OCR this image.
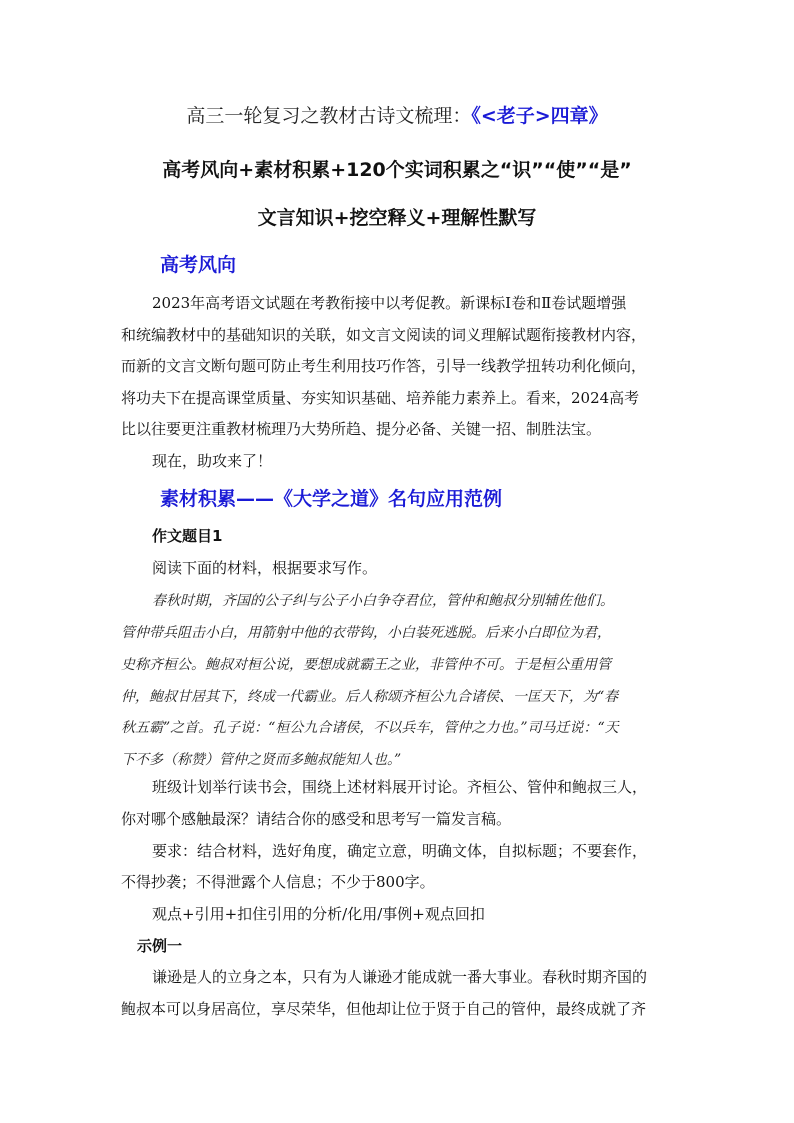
高三一轮复习之教材古诗文梳理：《<老子>四章》
高考风向+素材积累+120个实词积累之“识”“使”“是”
文言知识+挖空释义+理解性默写
高考风向
2023年高考语文试题在考教衔接中以考促教。新课标Ⅰ卷和Ⅱ卷试题增强
和统编教材中的基础知识的关联，如文言文阅读的词义理解试题衔接教材内容，
而新的文言文断句题可防止考生利用技巧作答，引导一线教学扭转功利化倾向，
将功夫下在提高课堂质量、夯实知识基础、培养能力素养上。看来，2024高考
比以往要更注重教材梳理乃大势所趋、提分必备、关键一招、制胜法宝。
现在，助攻来了！
素材积累——《大学之道》名句应用范例
作文题目1
阅读下面的材料，根据要求写作。
春秋时期，齐国的公子纠与公子小白争夺君位，管仲和鲍叔分别辅佐他们。
管仲带兵阻击小白，用箭射中他的衣带钩，小白装死逃脱。后来小白即位为君，
史称齐桓公。鲍叔对桓公说，要想成就霸王之业，非管仲不可。于是桓公重用管
仲，鲍叔甘居其下，终成一代霸业。后人称颂齐桓公九合诸侯、一匡天下，为“春
秋五霸”之首。孔子说：“桓公九合诸侯，不以兵车，管仲之力也。”司马迁说：“天
下不多（称赞）管仲之贤而多鲍叔能知人也。”
班级计划举行读书会，围绕上述材料展开讨论。齐桓公、管仲和鲍叔三人，
你对哪个感触最深？请结合你的感受和思考写一篇发言稿。
要求：结合材料，选好角度，确定立意，明确文体，自拟标题；不要套作，
不得抄袭；不得泄露个人信息；不少于800字。
观点+引用+扣住引用的分析/化用/事例+观点回扣
示例一
谦逊是人的立身之本，只有为人谦逊才能成就一番大事业。春秋时期齐国的
鲍叔本可以身居高位，享尽荣华，但他却让位于贤于自己的管仲，最终成就了齐
